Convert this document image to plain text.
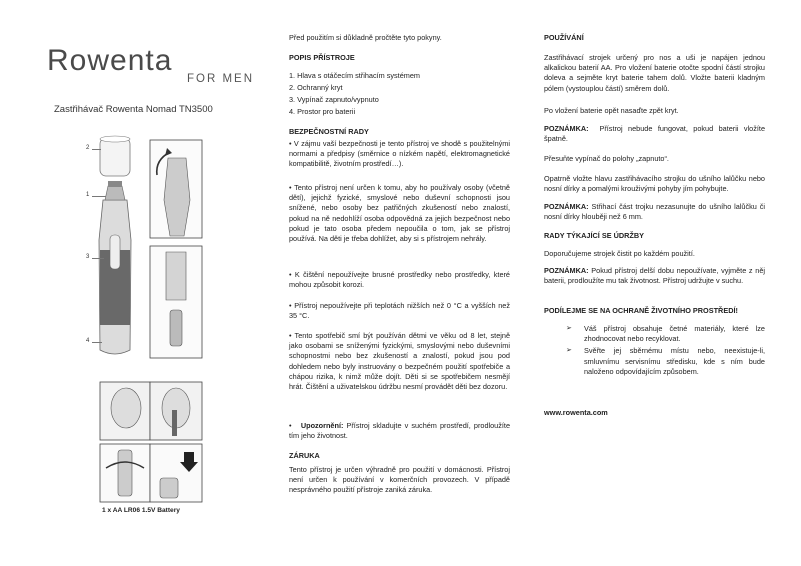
Rowenta
FOR MEN
Zastřihávač Rowenta Nomad TN3500
2
1
3
4
1 x AA LR06 1.5V Battery

Před použitím si důkladně pročtěte tyto pokyny.

POPIS PŘÍSTROJE

1. Hlava s otáčecím střihacím systémem

2. Ochranný kryt

3. Vypínač zapnuto/vypnuto

4. Prostor pro baterii

BEZPEČNOSTNÍ RADY

• V zájmu vaší bezpečnosti je tento přístroj ve shodě s použitelnými normami a předpisy (směrnice o nízkém napětí, elektromagnetické kompatibilitě, životním prostředí…).

• Tento přístroj není určen k tomu, aby ho používaly osoby (včetně dětí), jejichž fyzické, smyslové nebo duševní schopnosti jsou snížené, nebo osoby bez patřičných zkušeností nebo znalostí, pokud na ně nedohlíží osoba odpovědná za jejich bezpečnost nebo pokud je tato osoba předem nepoučila o tom, jak se přístroj používá. Na děti je třeba dohlížet, aby si s přístrojem nehrály.

• K čištění nepoužívejte brusné prostředky nebo prostředky, které mohou způsobit korozi.

• Přístroj nepoužívejte při teplotách nižších než 0 °C a vyšších než 35 °C.

• Tento spotřebič smí být používán dětmi ve věku od 8 let, stejně jako osobami se sníženými fyzickými, smyslovými nebo duševními schopnostmi nebo bez zkušeností a znalostí, pokud jsou pod dohledem nebo byly instruovány o bezpečném použití spotřebiče a chápou rizika, k nimž může dojít. Děti si se spotřebičem nesmějí hrát. Čištění a uživatelskou údržbu nesmí provádět děti bez dozoru.

•   Upozornění: Přístroj skladujte v suchém prostředí, prodloužíte tím jeho životnost.

ZÁRUKA

Tento přístroj je určen výhradně pro použití v domácnosti. Přístroj není určen k používání v komerčních provozech. V případě nesprávného použití přístroje zaniká záruka.

POUŽÍVÁNÍ

Zastřihávací strojek určený pro nos a uši je napájen jednou alkalickou baterií AA. Pro vložení baterie otočte spodní částí strojku doleva a sejměte kryt baterie tahem dolů. Vložte baterii kladným pólem (vystouplou částí) směrem dolů.

Po vložení baterie opět nasaďte zpět kryt.

POZNÁMKA: Přístroj nebude fungovat, pokud baterii vložíte špatně.

Přesuňte vypínač do polohy „zapnuto“.

Opatrně vložte hlavu zastřihávacího strojku do ušního lalůčku nebo nosní dírky a pomalými krouživými pohyby jím pohybujte.

POZNÁMKA: Střihací část trojku nezasunujte do ušního lalůčku či nosní dírky hlouběji než 6 mm.

RADY TÝKAJÍCÍ SE ÚDRŽBY

Doporučujeme strojek čistit po každém použití.

POZNÁMKA: Pokud přístroj delší dobu nepoužívate, vyjměte z něj baterii, prodloužíte mu tak životnost. Přístroj udržujte v suchu.

PODÍLEJME SE NA OCHRANĚ ŽIVOTNÍHO PROSTŘEDÍ!

➢ Váš přístroj obsahuje četné materiály, které lze zhodnocovat nebo recyklovat.
➢ Svěřte jej sběrnému místu nebo, neexistuje-li, smluvnímu servisnímu středisku, kde s ním bude naloženo odpovídajícím způsobem.

www.rowenta.com
